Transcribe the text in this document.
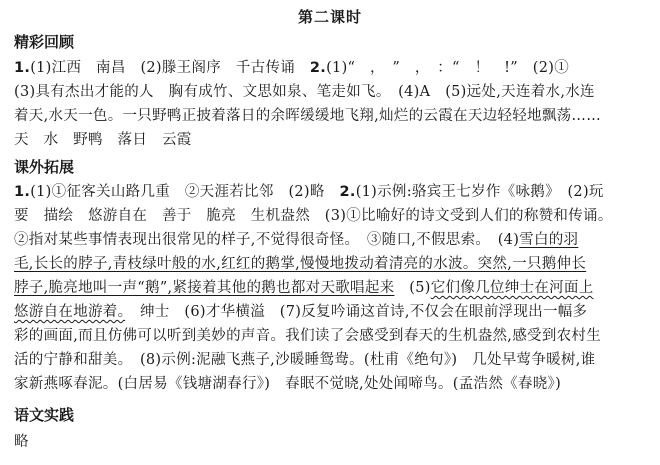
第二课时
精彩回顾
1.(1)江西　南昌　(2)滕王阁序　千古传诵　2.(1)“　，　”　，　：“　！　!”　(2)①
(3)具有杰出才能的人　胸有成竹、文思如泉、笔走如飞。　(4)A　(5)远处,天连着水,水连
着天,水天一色。一只野鸭正披着落日的余晖缓缓地飞翔,灿烂的云霞在天边轻轻地飘荡……
天　水　野鸭　落日　云霞
课外拓展
1.(1)①征客关山路几重　②天涯若比邻　(2)略　2.(1)示例:骆宾王七岁作《咏鹅》　(2)玩
要　描绘　悠游自在　善于　脆亮　生机盎然　(3)①比喻好的诗文受到人们的称赞和传诵。
②指对某些事情表现出很常见的样子,不觉得很奇怪。　③随口,不假思索。　(4)雪白的羽
毛,长长的脖子,青枝绿叶般的水,红红的鹅掌,慢慢地拨动着清亮的水波。突然,一只鹅伸长
脖子,脆亮地叫一声“鹅”,紧接着其他的鹅也都对天歌唱起来　(5)它们像几位绅士在河面上
悠游自在地游着。　绅士　(6)才华横溢　(7)反复吟诵这首诗,不仅会在眼前浮现出一幅多
彩的画面,而且仿佛可以听到美妙的声音。我们读了会感受到春天的生机盎然,感受到农村生
活的宁静和甜美。　(8)示例:泥融飞燕子,沙暖睡鸳鸯。(杜甫《绝句》)　几处早莺争暖树,谁
家新燕啄春泥。(白居易《钱塘湖春行》)　春眠不觉晓,处处闻啼鸟。(孟浩然《春晓》)
语文实践
略
